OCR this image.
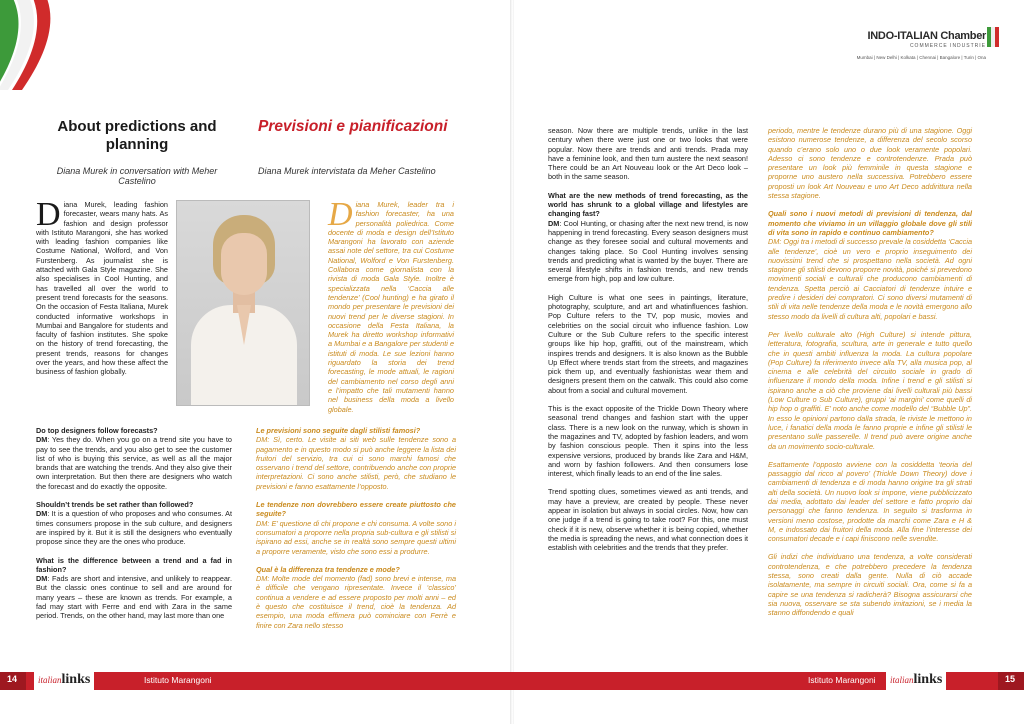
About predictions and planning
Previsioni e pianificazioni
Diana Murek in conversation with Meher Castelino
Diana Murek intervistata da Meher Castelino

Diana Murek, leading fashion forecaster, wears many hats. As fashion and design professor with Istituto Marangoni, she has worked with leading fashion companies like Costume National, Wolford, and Von Furstenberg. As journalist she is attached with Gala Style magazine. She also specialises in Cool Hunting, and has travelled all over the world to present trend forecasts for the seasons. On the occasion of Festa Italiana, Murek conducted informative workshops in Mumbai and Bangalore for students and faculty of fashion institutes. She spoke on the history of trend forecasting, the present trends, reasons for changes over the years, and how these affect the business of fashion globally.

Diana Murek, leader tra i fashion forecaster, ha una personalità poliedrica. Come docente di moda e design dell’Istituto Marangoni ha lavorato con aziende assai note del settore, tra cui Costume National, Wolford e Von Furstenberg. Collabora come giornalista con la rivista di moda Gala Style. Inoltre è specializzata nella ‘Caccia alle tendenze’ (Cool hunting) e ha girato il mondo per presentare le previsioni dei nuovi trend per le diverse stagioni. In occasione della Festa Italiana, la Murek ha diretto workshop informativi a Mumbai e a Bangalore per studenti e istituti di moda. Le sue lezioni hanno riguardato la storia dei trend forecasting, le mode attuali, le ragioni del cambiamento nel corso degli anni e l’impatto che tali mutamenti hanno nel business della moda a livello globale.

Do top designers follow forecasts?
DM: Yes they do. When you go on a trend site you have to pay to see the trends, and you also get to see the customer list of who is buying this service, as well as all the major brands that are watching the trends. And they also give their own interpretation. But then there are designers who watch the forecast and do exactly the opposite.

Shouldn’t trends be set rather than followed?
DM: It is a question of who proposes and who consumes. At times consumers propose in the sub culture, and designers are inspired by it. But it is still the designers who eventually propose since they are the ones who produce.

What is the difference between a trend and a fad in fashion?
DM: Fads are short and intensive, and unlikely to reappear. But the classic ones continue to sell and are around for many years – these are known as trends. For example, a fad may start with Ferre and end with Zara in the same period. Trends, on the other hand, may last more than one

Le previsioni sono seguite dagli stilisti famosi?
DM: Sì, certo. Le visite ai siti web sulle tendenze sono a pagamento e in questo modo si può anche leggere la lista dei fruitori del servizio, tra cui ci sono marchi famosi che osservano i trend del settore, contribuendo anche con proprie interpretazioni. Ci sono anche stilisti, però, che studiano le previsioni e fanno esattamente l’opposto.

Le tendenze non dovrebbero essere create piuttosto che seguite?
DM: E’ questione di chi propone e chi consuma. A volte sono i consumatori a proporre nella propria sub-cultura e gli stilisti si ispirano ad essi, anche se in realtà sono sempre questi ultimi a proporre veramente, visto che sono essi a produrre.

Qual è la differenza tra tendenze e mode?
DM: Molte mode del momento (fad) sono brevi e intense, ma è difficile che vengano ripresentate. Invece il ‘classico’ continua a vendere e ad essere proposto per molti anni – ed è questo che costituisce il trend, cioè la tendenza. Ad esempio, una moda effimera può cominciare con Ferrè e finire con Zara nello stesso

INDO-ITALIAN Chamber
COMMERCE INDUSTRIE
Mumbai | New Delhi | Kolkata | Chennai | Bangalore | Turin | Ona

season. Now there are multiple trends, unlike in the last century when there were just one or two looks that were popular. Now there are trends and anti trends. Prada may have a feminine look, and then turn austere the next season! There could be an Art Nouveau look or the Art Deco look – both in the same season.

What are the new methods of trend forecasting, as the world has shrunk to a global village and lifestyles are changing fast?
DM: Cool Hunting, or chasing after the next new trend, is now happening in trend forecasting. Every season designers must change as they foresee social and cultural movements and changes taking place. So Cool Hunting involves sensing trends and predicting what is wanted by the buyer. There are several lifestyle shifts in fashion trends, and new trends emerge from high, pop and low culture.

High Culture is what one sees in paintings, literature, photography, sculpture, and art and whatinfluences fashion. Pop Culture refers to the TV, pop music, movies and celebrities on the social circuit who influence fashion. Low Culture or the Sub Culture refers to the specific interest groups like hip hop, graffiti, out of the mainstream, which inspires trends and designers. It is also known as the Bubble Up Effect where trends start from the streets, and magazines pick them up, and eventually fashionistas wear them and designers present them on the catwalk. This could also come about from a social and cultural movement.

This is the exact opposite of the Trickle Down Theory where seasonal trend changes and fashion start with the upper class. There is a new look on the runway, which is shown in the magazines and TV, adopted by fashion leaders, and worn by fashion conscious people. Then it spins into the less expensive versions, produced by brands like Zara and H&M, and worn by fashion followers. And then consumers lose interest, which finally leads to an end of the line sales.

Trend spotting clues, sometimes viewed as anti trends, and may have a preview, are created by people. These never appear in isolation but always in social circles. Now, how can one judge if a trend is going to take root? For this, one must check if it is new, observe whether it is being copied, whether the media is spreading the news, and what connection does it establish with celebrities and the trends that they prefer.

periodo, mentre le tendenze durano più di una stagione. Oggi esistono numerose tendenze, a differenza del secolo scorso quando c’erano solo uno o due look veramente popolari. Adesso ci sono tendenze e controtendenze. Prada può presentare un look più femminile in questa stagione e proporne uno austero nella successiva. Potrebbero essere proposti un look Art Nouveau e uno Art Deco addirittura nella stessa stagione.

Quali sono i nuovi metodi di previsioni di tendenza, dal momento che viviamo in un villaggio globale dove gli stili di vita sono in rapido e continuo cambiamento?
DM: Oggi tra i metodi di successo prevale la cosiddetta ‘Caccia alle tendenze’, cioè un vero e proprio inseguimento dei nuovissimi trend che si prospettano nella società. Ad ogni stagione gli stilisti devono proporre novità, poiché si prevedono movimenti sociali e culturali che producono cambiamenti di tendenza. Spetta perciò ai Cacciatori di tendenze intuire e predire i desideri dei compratori. Ci sono diversi mutamenti di stili di vita nelle tendenze della moda e le novità emergono allo stesso modo da livelli di cultura alti, popolari e bassi.

Per livello culturale alto (High Culture) si intende pittura, letteratura, fotografia, scultura, arte in generale e tutto quello che in questi ambiti influenza la moda. La cultura popolare (Pop Culture) fa riferimento invece alla TV, alla musica pop, al cinema e alle celebrità del circuito sociale in grado di influenzare il mondo della moda. Infine i trend e gli stilisti si ispirano anche a ciò che proviene dai livelli culturali più bassi (Low Culture o Sub Culture), gruppi ‘ai margini’ come quelli di hip hop o graffiti. E’ noto anche come modello del “Bubble Up”. In esso le opinioni partono dalla strada, le riviste le mettono in luce, i fanatici della moda le fanno proprie e infine gli stilisti le presentano sulle passerelle. Il trend può avere origine anche da un movimento socio-culturale.

Esattamente l’opposto avviene con la cosiddetta ‘teoria del passaggio dal ricco al povero’ (Trickle Down Theory) dove i cambiamenti di tendenza e di moda hanno origine tra gli strati alti della società. Un nuovo look si impone, viene pubblicizzato dai media, adottato dai leader del settore e fatto proprio dai personaggi che fanno tendenza. In seguito si trasforma in versioni meno costose, prodotte da marchi come Zara e H & M, e indossato dai fruitori della moda. Alla fine l’interesse dei consumatori decade e i capi finiscono nelle svendite.

Gli indizi che individuano una tendenza, a volte considerati controtendenza, e che potrebbero precedere la tendenza stessa, sono creati dalla gente. Nulla di ciò accade isolatamente, ma sempre in circuiti sociali. Ora, come si fa a capire se una tendenza si radicherà? Bisogna assicurarsi che sia nuova, osservare se sta subendo imitazioni, se i media la stanno diffondendo e quali

14 italian links	Istituto Marangoni	Istituto Marangoni italian links	15
